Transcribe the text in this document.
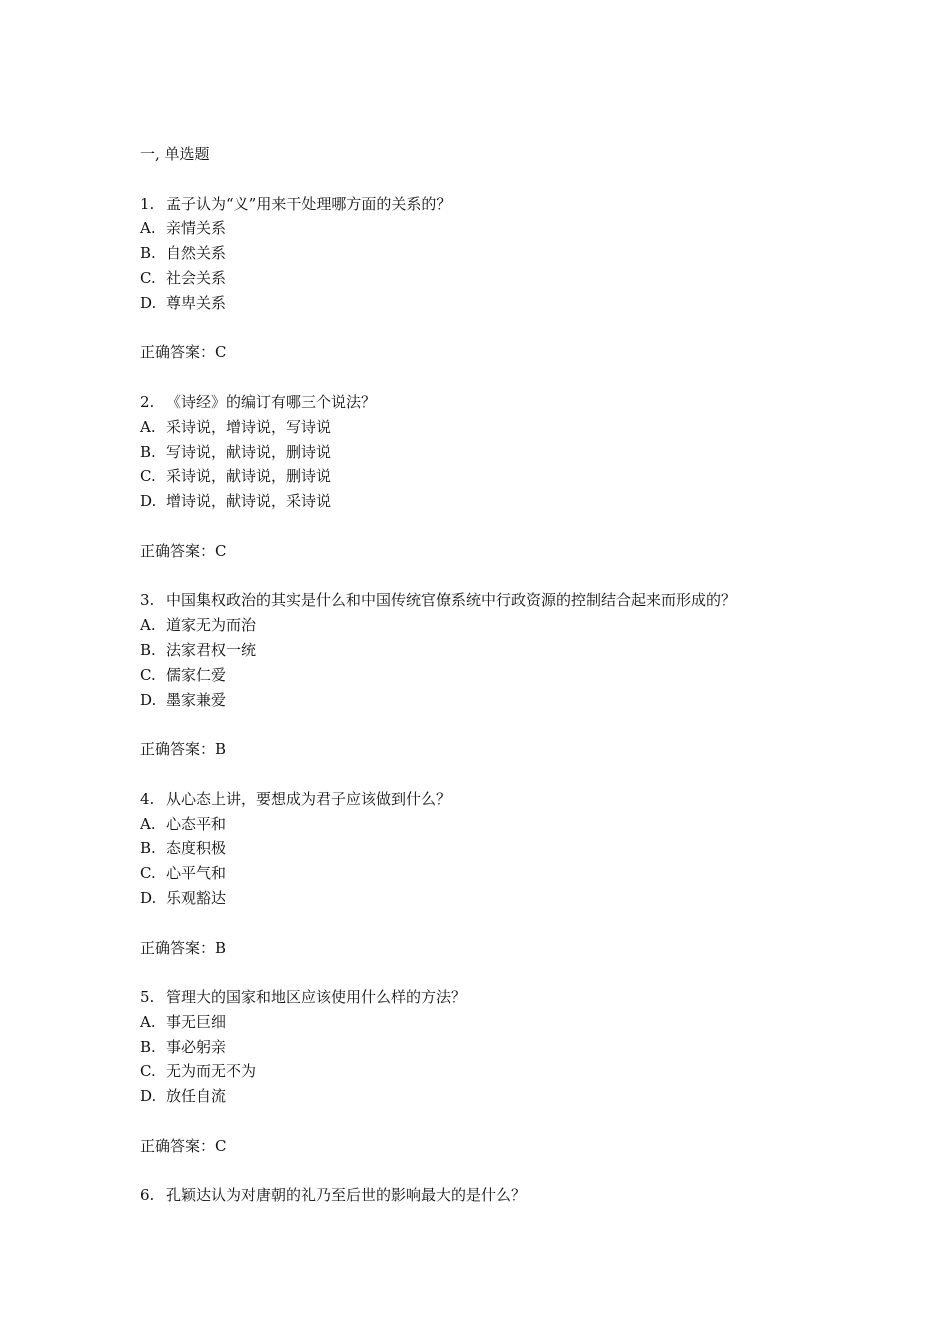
一, 单选题
1. 孟子认为“义”用来干处理哪方面的关系的？
A. 亲情关系
B. 自然关系
C. 社会关系
D. 尊卑关系
正确答案：C
2. 《诗经》的编订有哪三个说法？
A. 采诗说，增诗说，写诗说
B. 写诗说，献诗说，删诗说
C. 采诗说，献诗说，删诗说
D. 增诗说，献诗说，采诗说
正确答案：C
3. 中国集权政治的其实是什么和中国传统官僚系统中行政资源的控制结合起来而形成的？
A. 道家无为而治
B. 法家君权一统
C. 儒家仁爱
D. 墨家兼爱
正确答案：B
4. 从心态上讲，要想成为君子应该做到什么？
A. 心态平和
B. 态度积极
C. 心平气和
D. 乐观豁达
正确答案：B
5. 管理大的国家和地区应该使用什么样的方法？
A. 事无巨细
B. 事必躬亲
C. 无为而无不为
D. 放任自流
正确答案：C
6. 孔颖达认为对唐朝的礼乃至后世的影响最大的是什么？
